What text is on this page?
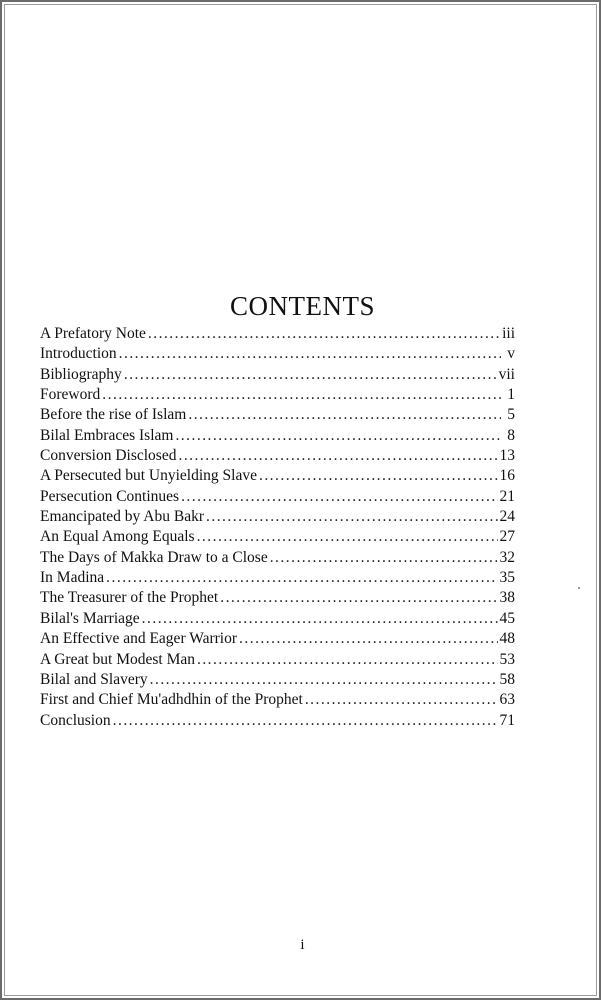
CONTENTS
A Prefatory Note . . .	iii
Introduction . . .	v
Bibliography . . .	vii
Foreword . . .	1
Before the rise of Islam . . .	5
Bilal Embraces Islam . . .	8
Conversion Disclosed . . .	13
A Persecuted but Unyielding Slave . . .	16
Persecution Continues . . .	21
Emancipated by Abu Bakr . . .	24
An Equal Among Equals . . .	27
The Days of Makka Draw to a Close . . .	32
In Madina . . .	35
The Treasurer of the Prophet . . .	38
Bilal's Marriage . . .	45
An Effective and Eager Warrior . . .	48
A Great but Modest Man . . .	53
Bilal and Slavery . . .	58
First and Chief Mu'adhdhin of the Prophet . . .	63
Conclusion . . .	71
i
